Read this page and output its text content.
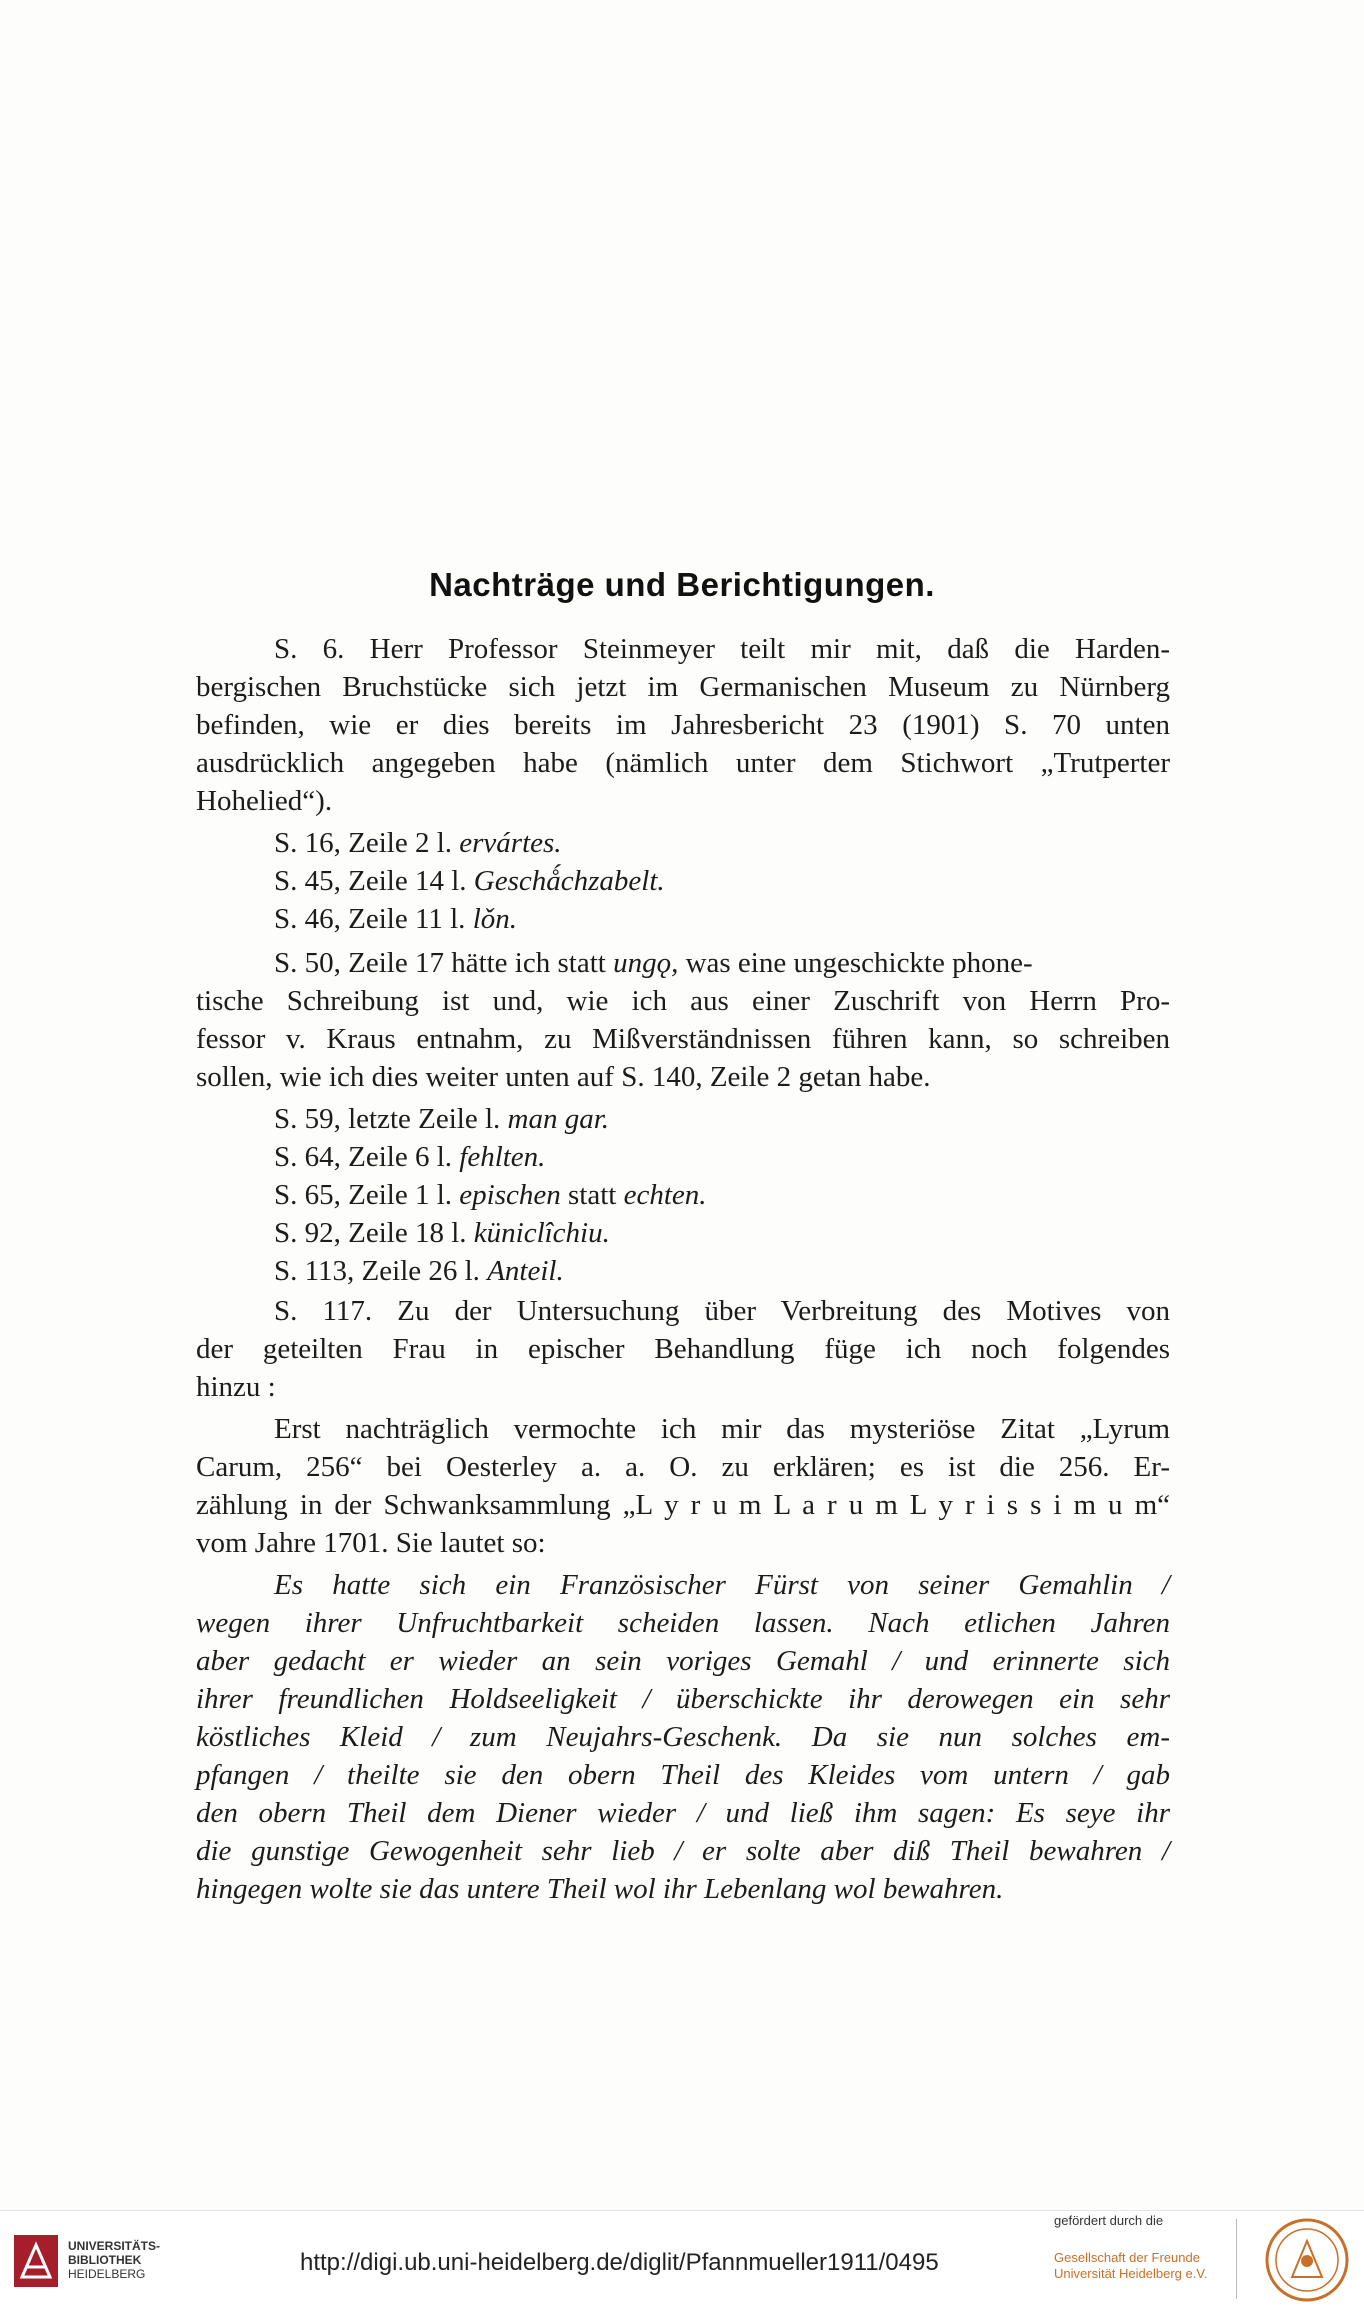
Nachträge und Berichtigungen.
S. 6. Herr Professor Steinmeyer teilt mir mit, daß die Harden-
bergischen Bruchstücke sich jetzt im Germanischen Museum zu Nürnberg
befinden, wie er dies bereits im Jahresbericht 23 (1901) S. 70 unten
ausdrücklich angegeben habe (nämlich unter dem Stichwort „Trutperter
Hohelied“).
S. 16, Zeile 2 l. ervártes.
S. 45, Zeile 14 l. Geschǻchzabelt.
S. 46, Zeile 11 l. lǒn.
S. 50, Zeile 17 hätte ich statt ungǫ, was eine ungeschickte phone-
tische Schreibung ist und, wie ich aus einer Zuschrift von Herrn Pro-
fessor v. Kraus entnahm, zu Mißverständnissen führen kann, so schreiben
sollen, wie ich dies weiter unten auf S. 140, Zeile 2 getan habe.
S. 59, letzte Zeile l. man gar.
S. 64, Zeile 6 l. fehlten.
S. 65, Zeile 1 l. epischen statt echten.
S. 92, Zeile 18 l. küniclîchiu.
S. 113, Zeile 26 l. Anteil.
S. 117. Zu der Untersuchung über Verbreitung des Motives von
der geteilten Frau in epischer Behandlung füge ich noch folgendes
hinzu :
Erst nachträglich vermochte ich mir das mysteriöse Zitat „Lyrum
Carum, 256“ bei Oesterley a. a. O. zu erklären; es ist die 256. Er-
zählung in der Schwanksammlung „L y r u m L a r u m L y r i s s i m u m“
vom Jahre 1701. Sie lautet so:
Es hatte sich ein Französischer Fürst von seiner Gemahlin /
wegen ihrer Unfruchtbarkeit scheiden lassen. Nach etlichen Jahren
aber gedacht er wieder an sein voriges Gemahl / und erinnerte sich
ihrer freundlichen Holdseeligkeit / überschickte ihr derowegen ein sehr
köstliches Kleid / zum Neujahrs-Geschenk. Da sie nun solches em-
pfangen / theilte sie den obern Theil des Kleides vom untern / gab
den obern Theil dem Diener wieder / und ließ ihm sagen: Es seye ihr
die gunstige Gewogenheit sehr lieb / er solte aber diß Theil bewahren /
hingegen wolte sie das untere Theil wol ihr Lebenlang wol bewahren.
UNIVERSITÄTS-
BIBLIOTHEK
HEIDELBERG	http://digi.ub.uni-heidelberg.de/diglit/Pfannmueller1911/0495
gefördert durch die
Gesellschaft der Freunde
Universität Heidelberg e.V.
